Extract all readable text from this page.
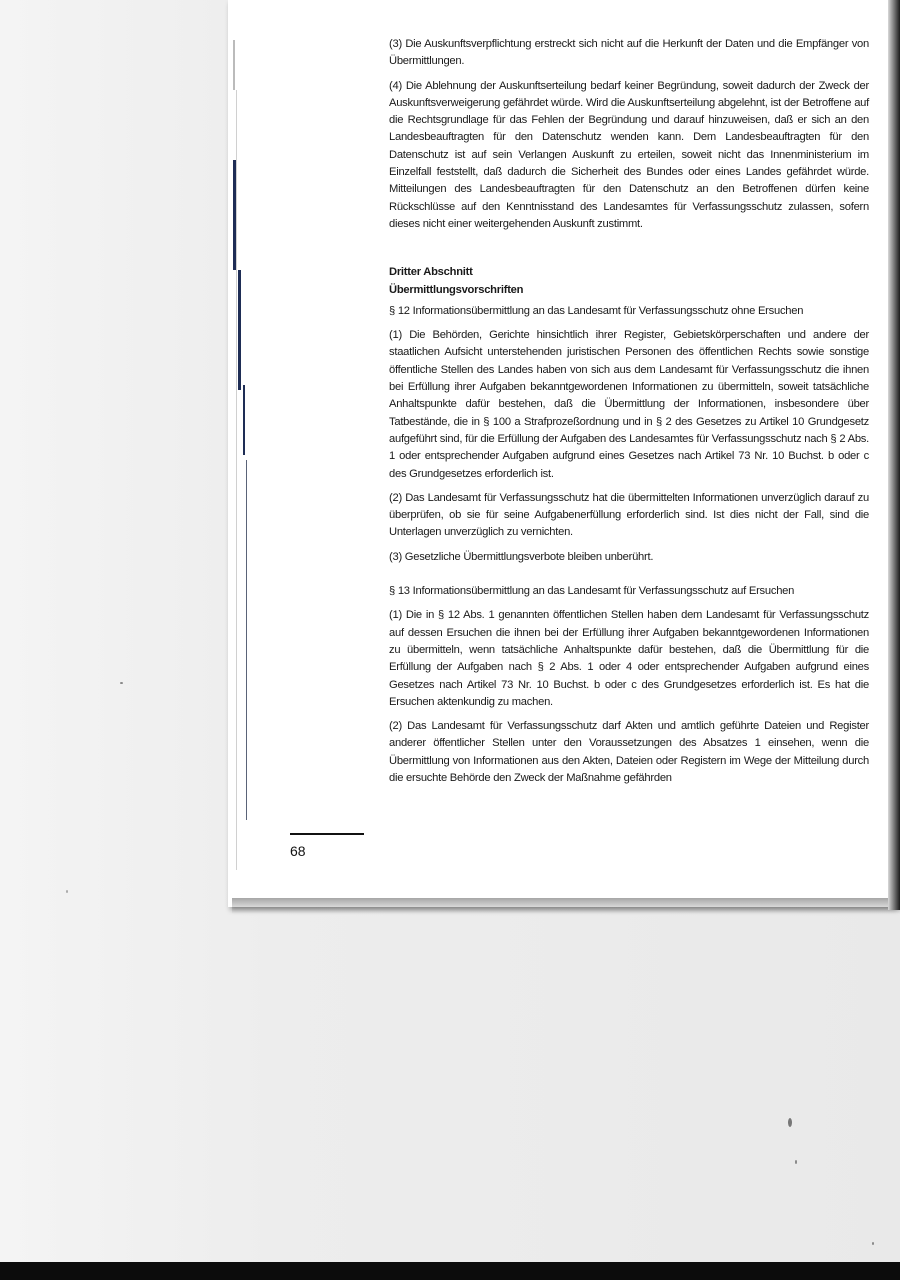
(3) Die Auskunftsverpflichtung erstreckt sich nicht auf die Herkunft der Daten und die Empfänger von Übermittlungen.

(4) Die Ablehnung der Auskunftserteilung bedarf keiner Begründung, soweit dadurch der Zweck der Auskunftsverweigerung gefährdet würde. Wird die Auskunftserteilung abgelehnt, ist der Betroffene auf die Rechtsgrundlage für das Fehlen der Begründung und darauf hinzuweisen, daß er sich an den Landesbeauftragten für den Datenschutz wenden kann. Dem Landesbeauftragten für den Datenschutz ist auf sein Verlangen Auskunft zu erteilen, soweit nicht das Innenministerium im Einzelfall feststellt, daß dadurch die Sicherheit des Bundes oder eines Landes gefährdet würde. Mitteilungen des Landesbeauftragten für den Datenschutz an den Betroffenen dürfen keine Rückschlüsse auf den Kenntnisstand des Landesamtes für Verfassungsschutz zulassen, sofern dieses nicht einer weitergehenden Auskunft zustimmt.

Dritter Abschnitt
Übermittlungsvorschriften

§ 12 Informationsübermittlung an das Landesamt für Verfassungsschutz ohne Ersuchen

(1) Die Behörden, Gerichte hinsichtlich ihrer Register, Gebietskörperschaften und andere der staatlichen Aufsicht unterstehenden juristischen Personen des öffentlichen Rechts sowie sonstige öffentliche Stellen des Landes haben von sich aus dem Landesamt für Verfassungsschutz die ihnen bei Erfüllung ihrer Aufgaben bekanntgewordenen Informationen zu übermitteln, soweit tatsächliche Anhaltspunkte dafür bestehen, daß die Übermittlung der Informationen, insbesondere über Tatbestände, die in § 100 a Strafprozeßordnung und in § 2 des Gesetzes zu Artikel 10 Grundgesetz aufgeführt sind, für die Erfüllung der Aufgaben des Landesamtes für Verfassungsschutz nach § 2 Abs. 1 oder entsprechender Aufgaben aufgrund eines Gesetzes nach Artikel 73 Nr. 10 Buchst. b oder c des Grundgesetzes erforderlich ist.

(2) Das Landesamt für Verfassungsschutz hat die übermittelten Informationen unverzüglich darauf zu überprüfen, ob sie für seine Aufgabenerfüllung erforderlich sind. Ist dies nicht der Fall, sind die Unterlagen unverzüglich zu vernichten.

(3) Gesetzliche Übermittlungsverbote bleiben unberührt.

§ 13 Informationsübermittlung an das Landesamt für Verfassungsschutz auf Ersuchen

(1) Die in § 12 Abs. 1 genannten öffentlichen Stellen haben dem Landesamt für Verfassungsschutz auf dessen Ersuchen die ihnen bei der Erfüllung ihrer Aufgaben bekanntgewordenen Informationen zu übermitteln, wenn tatsächliche Anhaltspunkte dafür bestehen, daß die Übermittlung für die Erfüllung der Aufgaben nach § 2 Abs. 1 oder 4 oder entsprechender Aufgaben aufgrund eines Gesetzes nach Artikel 73 Nr. 10 Buchst. b oder c des Grundgesetzes erforderlich ist. Es hat die Ersuchen aktenkundig zu machen.

(2) Das Landesamt für Verfassungsschutz darf Akten und amtlich geführte Dateien und Register anderer öffentlicher Stellen unter den Voraussetzungen des Absatzes 1 einsehen, wenn die Übermittlung von Informationen aus den Akten, Dateien oder Registern im Wege der Mitteilung durch die ersuchte Behörde den Zweck der Maßnahme gefährden

68
